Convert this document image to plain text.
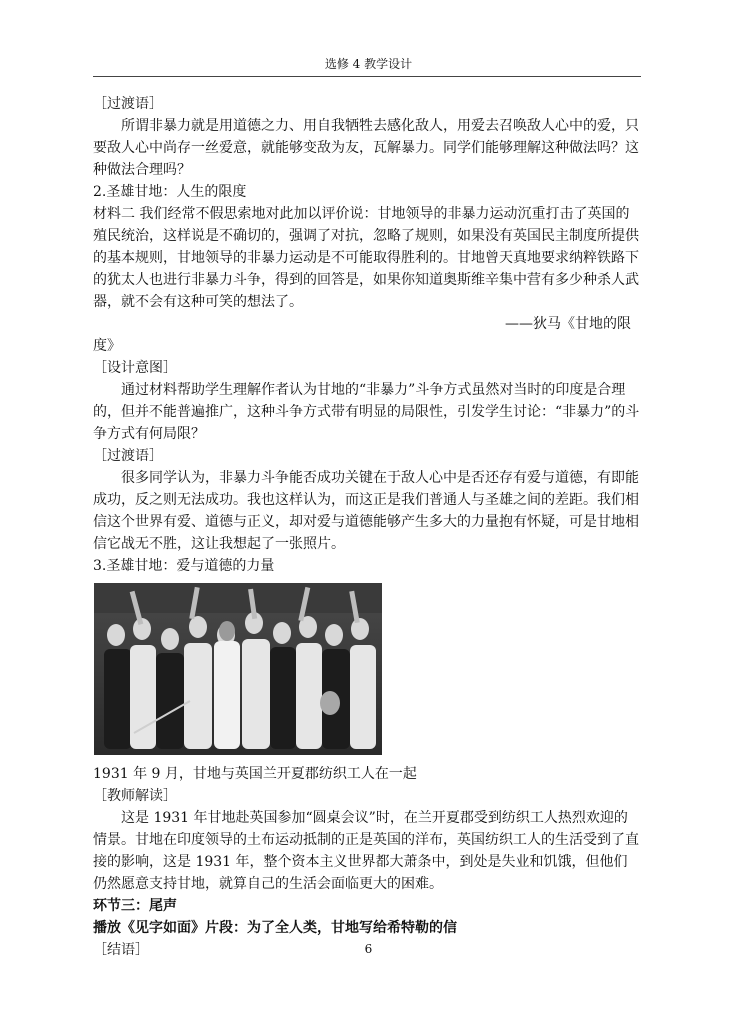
选修 4 教学设计

［过渡语］

所谓非暴力就是用道德之力、用自我牺牲去感化敌人，用爱去召唤敌人心中的爱，只要敌人心中尚存一丝爱意，就能够变敌为友，瓦解暴力。同学们能够理解这种做法吗？这种做法合理吗？

2.圣雄甘地：人生的限度

材料二 我们经常不假思索地对此加以评价说：甘地领导的非暴力运动沉重打击了英国的殖民统治，这样说是不确切的，强调了对抗，忽略了规则，如果没有英国民主制度所提供的基本规则，甘地领导的非暴力运动是不可能取得胜利的。甘地曾天真地要求纳粹铁路下的犹太人也进行非暴力斗争，得到的回答是，如果你知道奥斯维辛集中营有多少种杀人武器，就不会有这种可笑的想法了。

——狄马《甘地的限

度》

［设计意图］

通过材料帮助学生理解作者认为甘地的“非暴力”斗争方式虽然对当时的印度是合理的，但并不能普遍推广，这种斗争方式带有明显的局限性，引发学生讨论：“非暴力”的斗争方式有何局限？

［过渡语］

很多同学认为，非暴力斗争能否成功关键在于敌人心中是否还存有爱与道德，有即能成功，反之则无法成功。我也这样认为，而这正是我们普通人与圣雄之间的差距。我们相信这个世界有爱、道德与正义，却对爱与道德能够产生多大的力量抱有怀疑，可是甘地相信它战无不胜，这让我想起了一张照片。

3.圣雄甘地：爱与道德的力量

1931 年 9 月，甘地与英国兰开夏郡纺织工人在一起

［教师解读］

这是 1931 年甘地赴英国参加“圆桌会议”时，在兰开夏郡受到纺织工人热烈欢迎的情景。甘地在印度领导的土布运动抵制的正是英国的洋布，英国纺织工人的生活受到了直接的影响，这是 1931 年，整个资本主义世界都大萧条中，到处是失业和饥饿，但他们仍然愿意支持甘地，就算自己的生活会面临更大的困难。

环节三：尾声

播放《见字如面》片段：为了全人类，甘地写给希特勒的信

［结语］	6
